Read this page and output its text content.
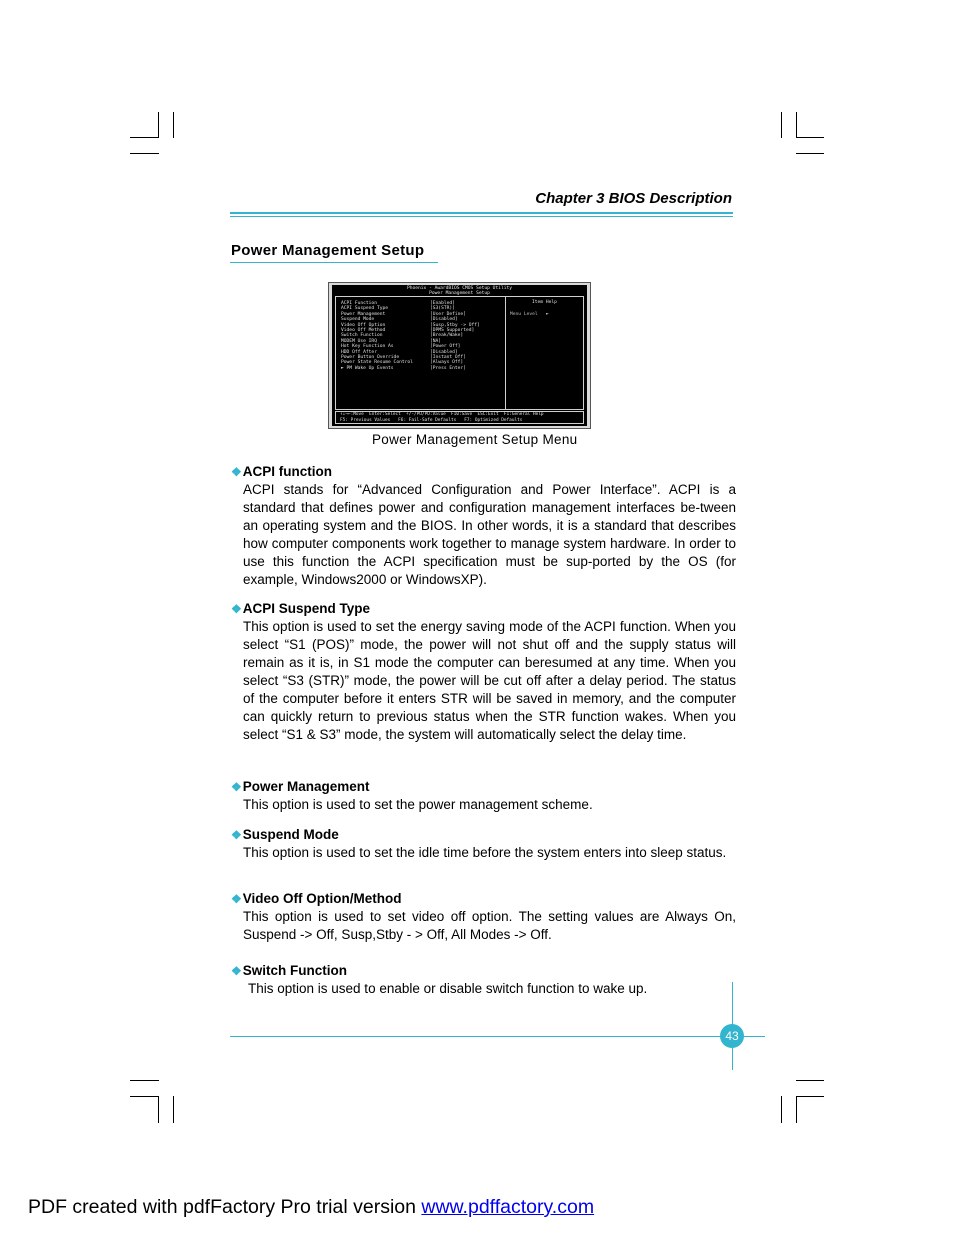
Chapter 3 BIOS Description
Power Management Setup
Phoenix - AwardBIOS CMOS Setup Utility
Power Management Setup
ACPI Function	[Enabled]
ACPI Suspend Type	[S3(STR)]
Power Management	[User Define]
Suspend Mode	[Disabled]
Video Off Option	[Susp,Stby -> Off]
Video Off Method	[DPMS Supported]
Switch Function	[Break/Wake]
MODEM Use IRQ	[NA]
Hot Key Function As	[Power Off]
HDD Off After	[Disabled]
Power Button Override	[Instant Off]
Power State Resume Control	[Always Off]
► PM Wake Up Events	[Press Enter]
Item Help
Menu Level   ►
↑↓→←:Move  Enter:Select  +/-/PU/PD:Value  F10:Save  ESC:Exit  F1:General Help
F5: Previous Values   F6: Fail-Safe Defaults   F7: Optimized Defaults
Power Management Setup Menu
❖ACPI function
ACPI stands for “Advanced Configuration and Power Interface”. ACPI is a standard that defines power and configuration management interfaces be-tween an operating system and the BIOS. In other words, it is a standard that describes how computer components work together to manage system hardware. In order to use this function the ACPI specification must be sup-ported by the OS (for example, Windows2000 or WindowsXP).
❖ACPI Suspend Type
This option is used to set the energy saving mode of the ACPI function. When you select “S1 (POS)” mode, the power will not shut off and the supply status will remain as it is, in S1 mode the computer can beresumed at any time. When you select “S3 (STR)” mode, the power will be cut off after a delay period. The status of the computer before it enters STR will be saved in memory, and the computer can quickly return to previous status when the STR function wakes. When you select “S1 & S3” mode, the system will automatically select the delay time.
❖Power Management
This option is used to set the power management scheme.
❖Suspend Mode
This option is used to set the idle time before the system enters into sleep status.
❖Video Off Option/Method
This option is used to set video off option. The setting values are Always On, Suspend -> Off, Susp,Stby - > Off, All Modes -> Off.
❖Switch Function
This option is used to enable or disable switch function to wake up.
43
PDF created with pdfFactory Pro trial version www.pdffactory.com
